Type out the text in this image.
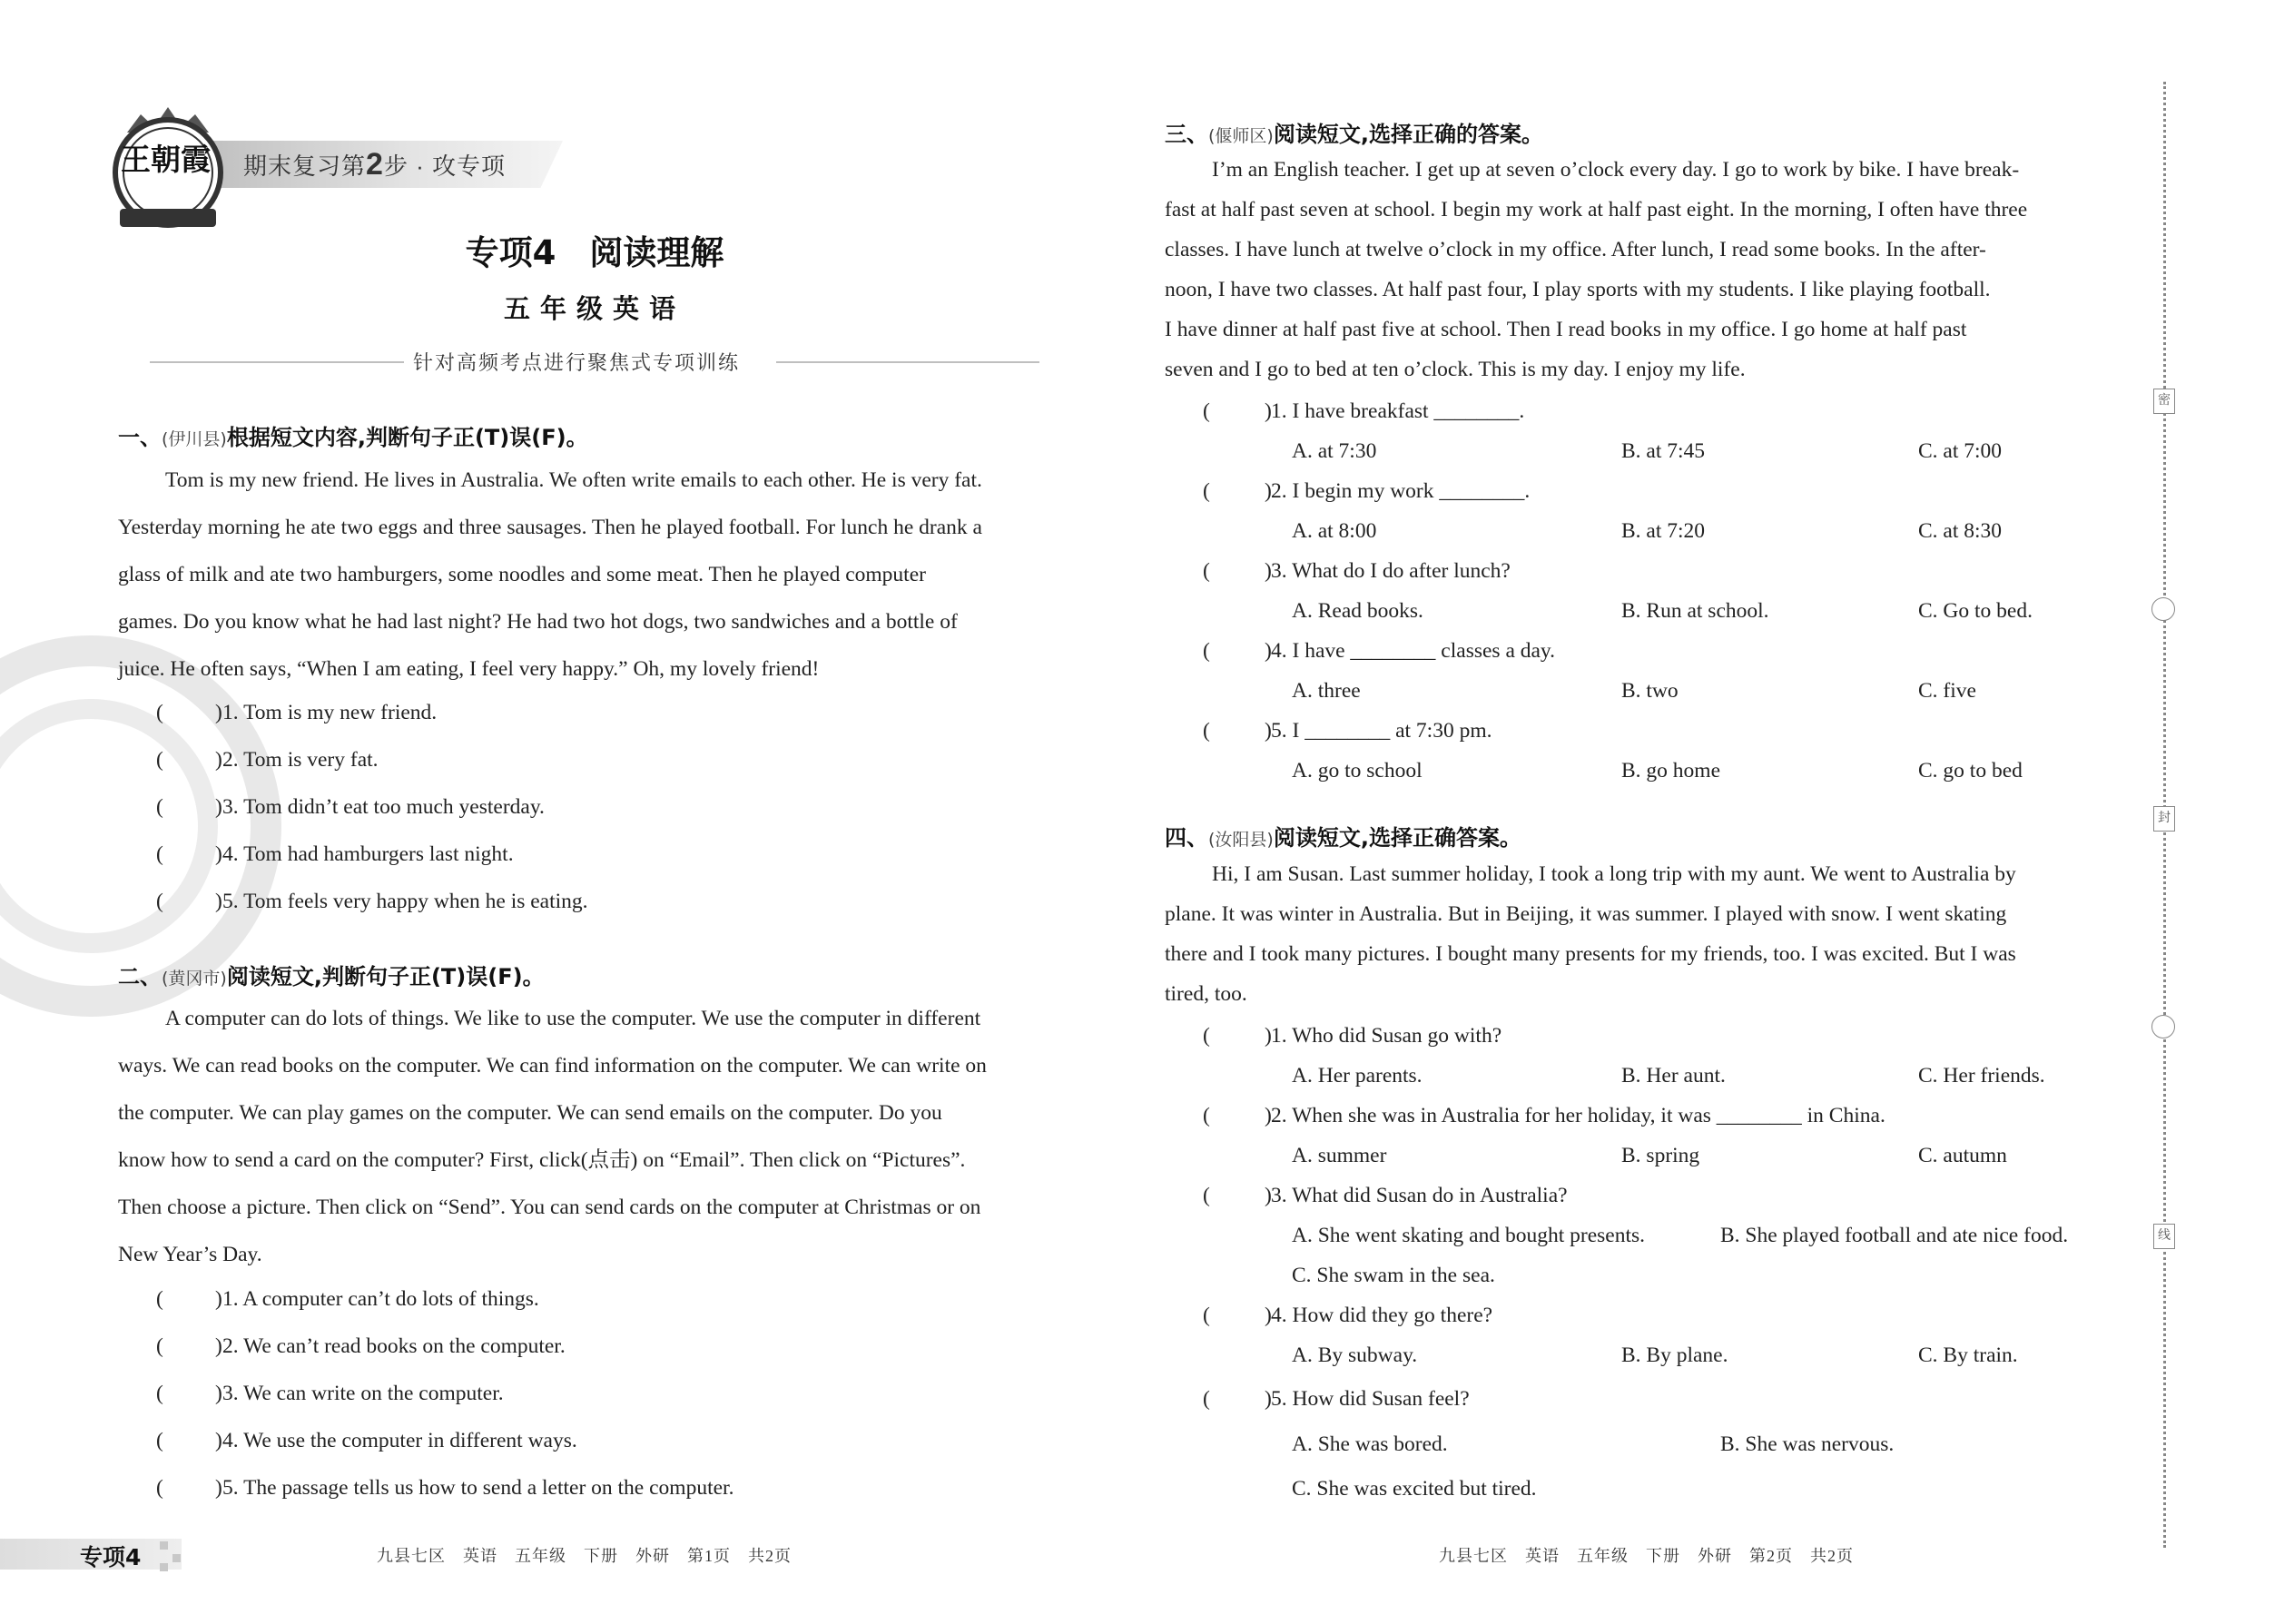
王朝霞 期末复习第2步 · 攻专项
专项4　阅读理解
五年级英语
针对高频考点进行聚焦式专项训练
一、(伊川县)根据短文内容,判断句子正(T)误(F)。
Tom is my new friend. He lives in Australia. We often write emails to each other. He is very fat.
Yesterday morning he ate two eggs and three sausages. Then he played football. For lunch he drank a
glass of milk and ate two hamburgers, some noodles and some meat. Then he played computer
games. Do you know what he had last night? He had two hot dogs, two sandwiches and a bottle of
juice. He often says, “When I am eating, I feel very happy.” Oh, my lovely friend!
( ) 1. Tom is my new friend.
( ) 2. Tom is very fat.
( ) 3. Tom didn’t eat too much yesterday.
( ) 4. Tom had hamburgers last night.
( ) 5. Tom feels very happy when he is eating.
二、(黄冈市)阅读短文,判断句子正(T)误(F)。
A computer can do lots of things. We like to use the computer. We use the computer in different
ways. We can read books on the computer. We can find information on the computer. We can write on
the computer. We can play games on the computer. We can send emails on the computer. Do you
know how to send a card on the computer? First, click(点击) on “Email”. Then click on “Pictures”.
Then choose a picture. Then click on “Send”. You can send cards on the computer at Christmas or on
New Year’s Day.
( ) 1. A computer can’t do lots of things.
( ) 2. We can’t read books on the computer.
( ) 3. We can write on the computer.
( ) 4. We use the computer in different ways.
( ) 5. The passage tells us how to send a letter on the computer.
专项4	九县七区　英语　五年级　下册　外研　第1页　共2页
三、(偃师区)阅读短文,选择正确的答案。
I’m an English teacher. I get up at seven o’clock every day. I go to work by bike. I have break-
fast at half past seven at school. I begin my work at half past eight. In the morning, I often have three
classes. I have lunch at twelve o’clock in my office. After lunch, I read some books. In the after-
noon, I have two classes. At half past four, I play sports with my students. I like playing football.
I have dinner at half past five at school. Then I read books in my office. I go home at half past
seven and I go to bed at ten o’clock. This is my day. I enjoy my life.
(	) 1. I have breakfast ________.
A. at 7:30	B. at 7:45	C. at 7:00
(	) 2. I begin my work ________.
A. at 8:00	B. at 7:20	C. at 8:30
(	) 3. What do I do after lunch?
A. Read books.	B. Run at school.	C. Go to bed.
(	) 4. I have ________ classes a day.
A. three	B. two	C. five
(	) 5. I ________ at 7:30 pm.
A. go to school	B. go home	C. go to bed
四、(汝阳县)阅读短文,选择正确答案。
Hi, I am Susan. Last summer holiday, I took a long trip with my aunt. We went to Australia by
plane. It was winter in Australia. But in Beijing, it was summer. I played with snow. I went skating
there and I took many pictures. I bought many presents for my friends, too. I was excited. But I was
tired, too.
(	) 1. Who did Susan go with?
A. Her parents.	B. Her aunt.	C. Her friends.
(	) 2. When she was in Australia for her holiday, it was ________ in China.
A. summer	B. spring	C. autumn
(	) 3. What did Susan do in Australia?
A. She went skating and bought presents.	B. She played football and ate nice food.
C. She swam in the sea.
(	) 4. How did they go there?
A. By subway.	B. By plane.	C. By train.
(	) 5. How did Susan feel?
A. She was bored.	B. She was nervous.
C. She was excited but tired.
九县七区　英语　五年级　下册　外研　第2页　共2页
密
封
线
